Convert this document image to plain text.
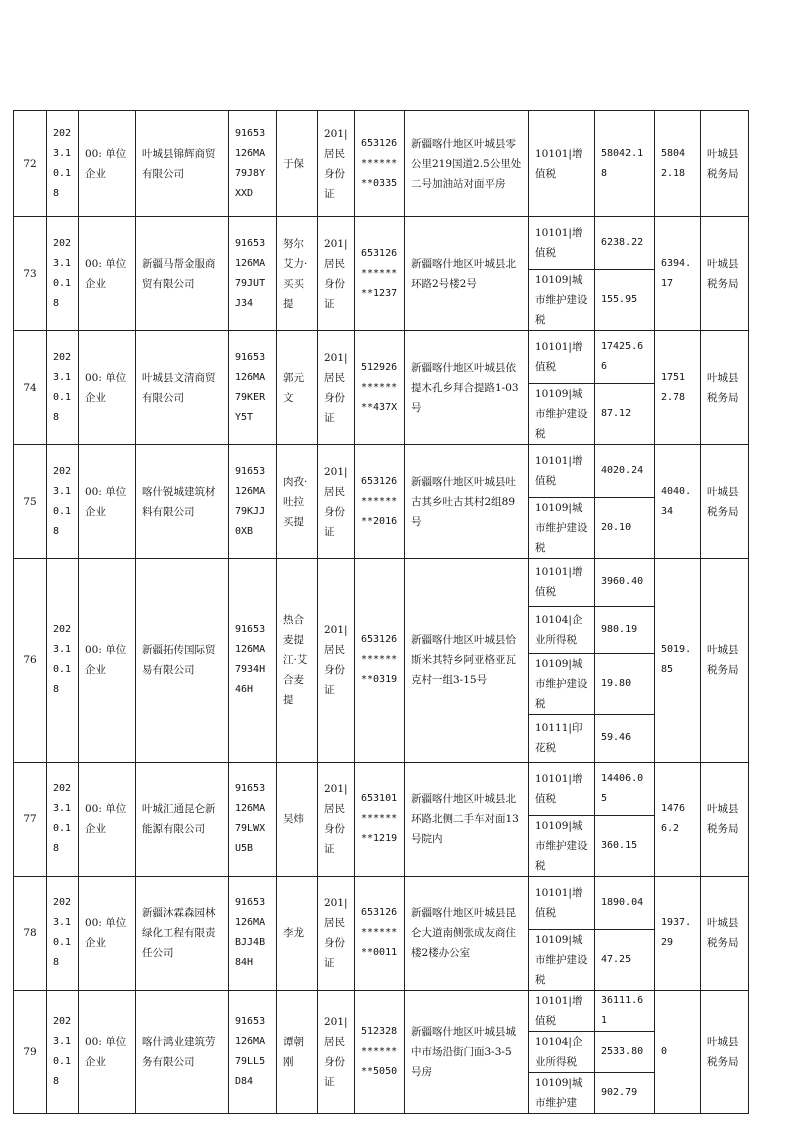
72	2023.10.18	00: 单位企业	叶城县锦辉商贸有限公司	91653126MA79J8YXXD	于保	201|居民身份证	653126********0335	新疆喀什地区叶城县零公里219国道2.5公里处二号加油站对面平房	10101|增值税	58042.18	58042.18	叶城县税务局
73	2023.10.18	00: 单位企业	新疆马帮金服商贸有限公司	91653126MA79JUTJ34	努尔艾力·买买提	201|居民身份证	653126********1237	新疆喀什地区叶城县北环路2号楼2号	10101|增值税	6238.22	6394.17	叶城县税务局
									10109|城市维护建设税	155.95		
74	2023.10.18	00: 单位企业	叶城县文清商贸有限公司	91653126MA79KERY5T	郭元文	201|居民身份证	512926********437X	新疆喀什地区叶城县依提木孔乡拜合提路1-03号	10101|增值税	17425.66	17512.78	叶城县税务局
									10109|城市维护建设税	87.12		
75	2023.10.18	00: 单位企业	喀什锐城建筑材料有限公司	91653126MA79KJJ0XB	肉孜·吐拉买提	201|居民身份证	653126********2016	新疆喀什地区叶城县吐古其乡吐古其村2组89号	10101|增值税	4020.24	4040.34	叶城县税务局
									10109|城市维护建设税	20.10		
76	2023.10.18	00: 单位企业	新疆拓传国际贸易有限公司	91653126MA7934H46H	热合麦提江·艾合麦提	201|居民身份证	653126********0319	新疆喀什地区叶城县恰斯米其特乡阿亚格亚瓦克村一组3-15号	10101|增值税	3960.40	5019.85	叶城县税务局
									10104|企业所得税	980.19		
									10109|城市维护建设税	19.80		
									10111|印花税	59.46		
77	2023.10.18	00: 单位企业	叶城汇通昆仑新能源有限公司	91653126MA79LWXU5B	吴炜	201|居民身份证	653101********1219	新疆喀什地区叶城县北环路北侧二手车对面13号院内	10101|增值税	14406.05	14766.2	叶城县税务局
									10109|城市维护建设税	360.15		
78	2023.10.18	00: 单位企业	新疆沐霖森园林绿化工程有限责任公司	91653126MABJJ4B84H	李龙	201|居民身份证	653126********0011	新疆喀什地区叶城县昆仑大道南侧张成友商住楼2楼办公室	10101|增值税	1890.04	1937.29	叶城县税务局
									10109|城市维护建设税	47.25		
79	2023.10.18	00: 单位企业	喀什鸿业建筑劳务有限公司	91653126MA79LL5D84	谭朝刚	201|居民身份证	512328********5050	新疆喀什地区叶城县城中市场沿街门面3-3-5号房	10101|增值税	36111.61	0	叶城县税务局
									10104|企业所得税	2533.80		
									10109|城市维护建	902.79		
